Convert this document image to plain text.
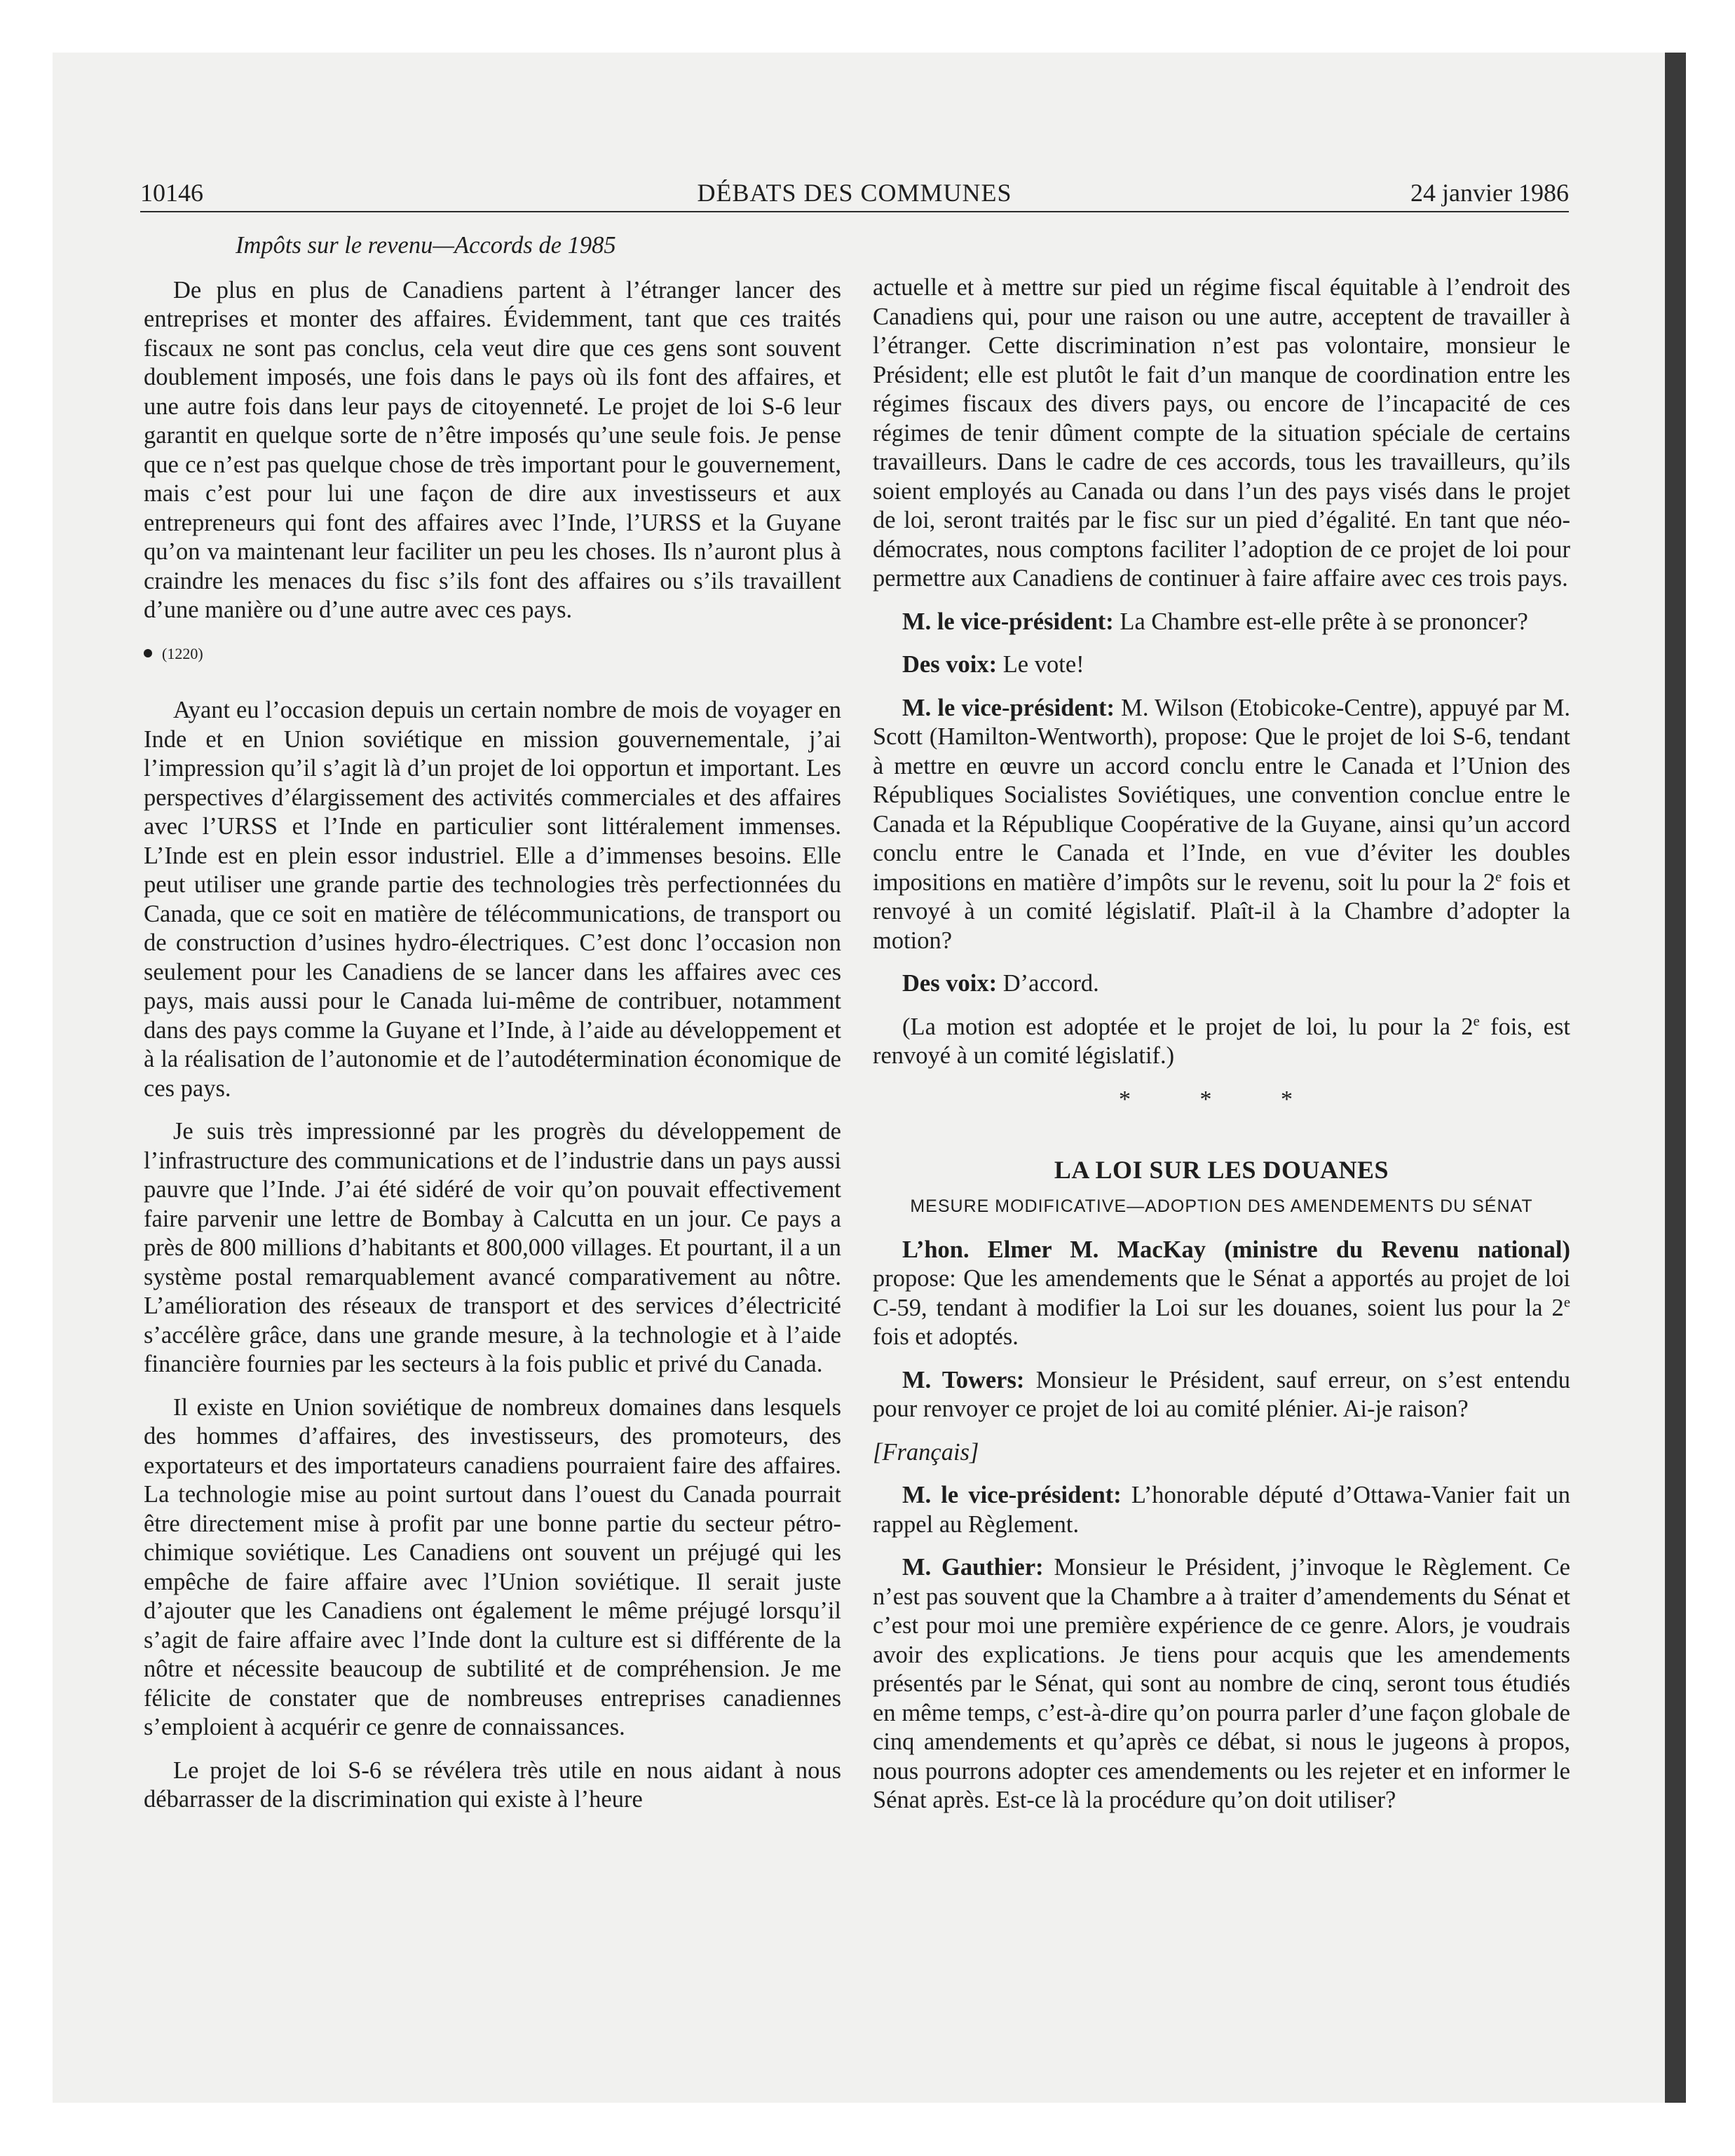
10146	DÉBATS DES COMMUNES	24 janvier 1986
Impôts sur le revenu—Accords de 1985

De plus en plus de Canadiens partent à l’étranger lancer des entreprises et monter des affaires. Évidemment, tant que ces traités fiscaux ne sont pas conclus, cela veut dire que ces gens sont souvent doublement imposés, une fois dans le pays où ils font des affaires, et une autre fois dans leur pays de citoyenneté. Le projet de loi S-6 leur garantit en quelque sorte de n’être imposés qu’une seule fois. Je pense que ce n’est pas quelque chose de très important pour le gouvernement, mais c’est pour lui une façon de dire aux investisseurs et aux entrepreneurs qui font des affaires avec l’Inde, l’URSS et la Guyane qu’on va maintenant leur faciliter un peu les choses. Ils n’auront plus à craindre les menaces du fisc s’ils font des affaires ou s’ils travaillent d’une manière ou d’une autre avec ces pays.

(1220)

Ayant eu l’occasion depuis un certain nombre de mois de voyager en Inde et en Union soviétique en mission gouvernementale, j’ai l’impression qu’il s’agit là d’un projet de loi opportun et important. Les perspectives d’élargissement des activités commerciales et des affaires avec l’URSS et l’Inde en particulier sont littéralement immenses. L’Inde est en plein essor industriel. Elle a d’immenses besoins. Elle peut utiliser une grande partie des technologies très perfectionnées du Canada, que ce soit en matière de télécommunications, de transport ou de construction d’usines hydro-électriques. C’est donc l’occasion non seulement pour les Canadiens de se lancer dans les affaires avec ces pays, mais aussi pour le Canada lui-même de contribuer, notamment dans des pays comme la Guyane et l’Inde, à l’aide au développement et à la réalisation de l’autonomie et de l’autodétermination économique de ces pays.

Je suis très impressionné par les progrès du développement de l’infrastructure des communications et de l’industrie dans un pays aussi pauvre que l’Inde. J’ai été sidéré de voir qu’on pouvait effectivement faire parvenir une lettre de Bombay à Calcutta en un jour. Ce pays a près de 800 millions d’habitants et 800,000 villages. Et pourtant, il a un système postal remarquablement avancé comparativement au nôtre. L’amélioration des réseaux de transport et des services d’électricité s’accélère grâce, dans une grande mesure, à la technologie et à l’aide financière fournies par les secteurs à la fois public et privé du Canada.

Il existe en Union soviétique de nombreux domaines dans lesquels des hommes d’affaires, des investisseurs, des promoteurs, des exportateurs et des importateurs canadiens pourraient faire des affaires. La technologie mise au point surtout dans l’ouest du Canada pourrait être directement mise à profit par une bonne partie du secteur pétro-chimique soviétique. Les Canadiens ont souvent un préjugé qui les empêche de faire affaire avec l’Union soviétique. Il serait juste d’ajouter que les Canadiens ont également le même préjugé lorsqu’il s’agit de faire affaire avec l’Inde dont la culture est si différente de la nôtre et nécessite beaucoup de subtilité et de compréhension. Je me félicite de constater que de nombreuses entreprises canadiennes s’emploient à acquérir ce genre de connaissances.

Le projet de loi S-6 se révélera très utile en nous aidant à nous débarrasser de la discrimination qui existe à l’heure

actuelle et à mettre sur pied un régime fiscal équitable à l’endroit des Canadiens qui, pour une raison ou une autre, acceptent de travailler à l’étranger. Cette discrimination n’est pas volontaire, monsieur le Président; elle est plutôt le fait d’un manque de coordination entre les régimes fiscaux des divers pays, ou encore de l’incapacité de ces régimes de tenir dûment compte de la situation spéciale de certains travailleurs. Dans le cadre de ces accords, tous les travailleurs, qu’ils soient employés au Canada ou dans l’un des pays visés dans le projet de loi, seront traités par le fisc sur un pied d’égalité. En tant que néo-démocrates, nous comptons faciliter l’adoption de ce projet de loi pour permettre aux Canadiens de continuer à faire affaire avec ces trois pays.

M. le vice-président: La Chambre est-elle prête à se prononcer?

Des voix: Le vote!

M. le vice-président: M. Wilson (Etobicoke-Centre), appuyé par M. Scott (Hamilton-Wentworth), propose: Que le projet de loi S-6, tendant à mettre en œuvre un accord conclu entre le Canada et l’Union des Républiques Socialistes Soviétiques, une convention conclue entre le Canada et la République Coopérative de la Guyane, ainsi qu’un accord conclu entre le Canada et l’Inde, en vue d’éviter les doubles impositions en matière d’impôts sur le revenu, soit lu pour la 2e fois et renvoyé à un comité législatif. Plaît-il à la Chambre d’adopter la motion?

Des voix: D’accord.

(La motion est adoptée et le projet de loi, lu pour la 2e fois, est renvoyé à un comité législatif.)

* * *
LA LOI SUR LES DOUANES
MESURE MODIFICATIVE—ADOPTION DES AMENDEMENTS DU SÉNAT

L’hon. Elmer M. MacKay (ministre du Revenu national) propose: Que les amendements que le Sénat a apportés au projet de loi C-59, tendant à modifier la Loi sur les douanes, soient lus pour la 2e fois et adoptés.

M. Towers: Monsieur le Président, sauf erreur, on s’est entendu pour renvoyer ce projet de loi au comité plénier. Ai-je raison?

[Français]

M. le vice-président: L’honorable député d’Ottawa-Vanier fait un rappel au Règlement.

M. Gauthier: Monsieur le Président, j’invoque le Règlement. Ce n’est pas souvent que la Chambre a à traiter d’amendements du Sénat et c’est pour moi une première expérience de ce genre. Alors, je voudrais avoir des explications. Je tiens pour acquis que les amendements présentés par le Sénat, qui sont au nombre de cinq, seront tous étudiés en même temps, c’est-à-dire qu’on pourra parler d’une façon globale de cinq amendements et qu’après ce débat, si nous le jugeons à propos, nous pourrons adopter ces amendements ou les rejeter et en informer le Sénat après. Est-ce là la procédure qu’on doit utiliser?
